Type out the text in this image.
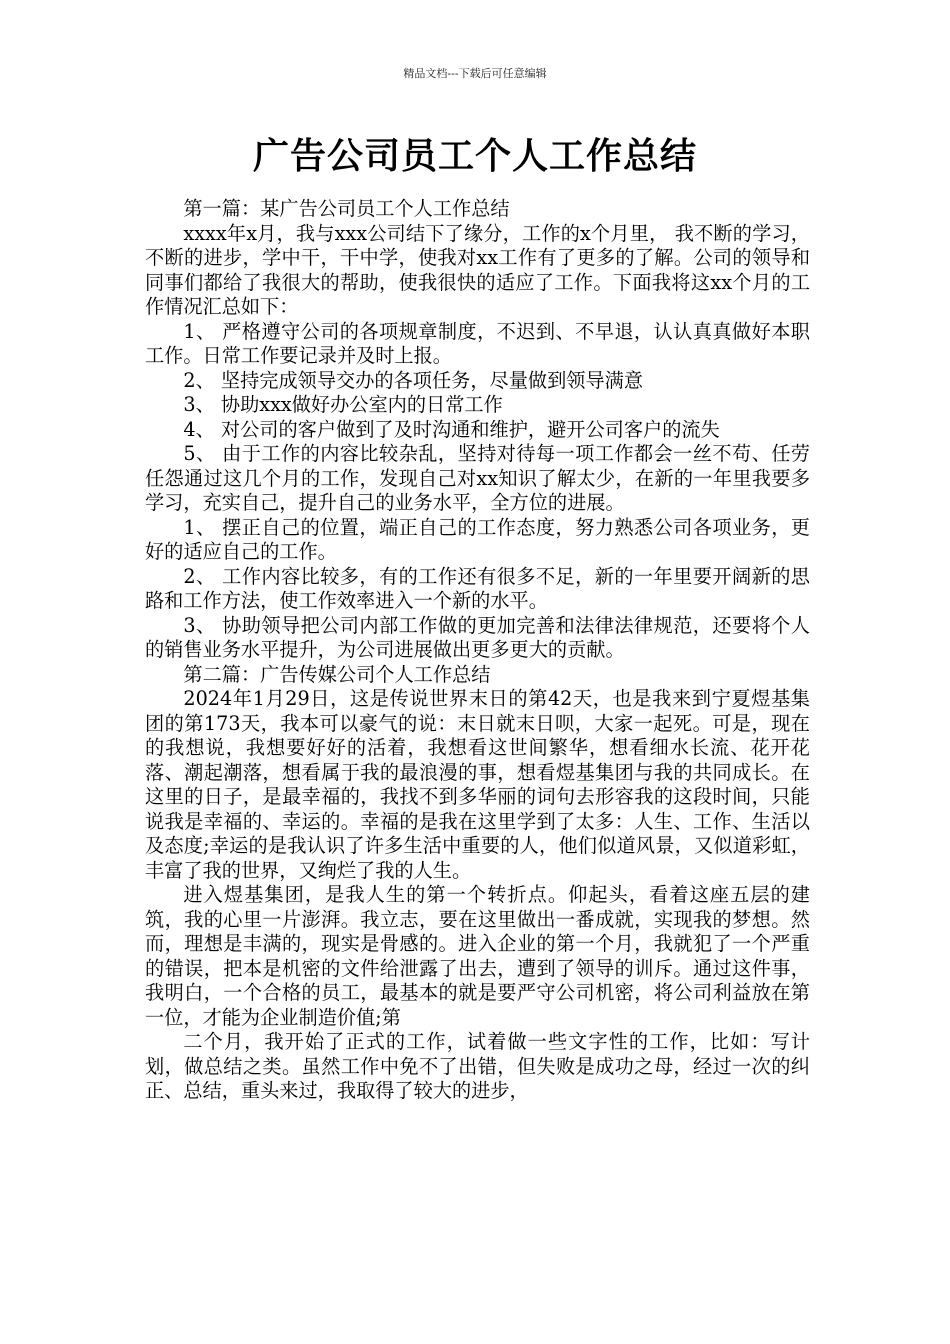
精品文档---下载后可任意编辑
广告公司员工个人工作总结

第一篇：某广告公司员工个人工作总结

xxxx年x月，我与xxx公司结下了缘分，工作的x个月里， 我不断的学习，不断的进步，学中干，干中学，使我对xx工作有了更多的了解。公司的领导和同事们都给了我很大的帮助，使我很快的适应了工作。下面我将这xx个月的工作情况汇总如下：

1、 严格遵守公司的各项规章制度，不迟到、不早退，认认真真做好本职工作。日常工作要记录并及时上报。

2、 坚持完成领导交办的各项任务，尽量做到领导满意

3、 协助xxx做好办公室内的日常工作

4、 对公司的客户做到了及时沟通和维护，避开公司客户的流失

5、 由于工作的内容比较杂乱，坚持对待每一项工作都会一丝不苟、任劳任怨通过这几个月的工作，发现自己对xx知识了解太少，在新的一年里我要多学习，充实自己，提升自己的业务水平，全方位的进展。

1、 摆正自己的位置，端正自己的工作态度，努力熟悉公司各项业务，更好的适应自己的工作。

2、 工作内容比较多，有的工作还有很多不足，新的一年里要开阔新的思路和工作方法，使工作效率进入一个新的水平。

3、 协助领导把公司内部工作做的更加完善和法律法律规范，还要将个人的销售业务水平提升，为公司进展做出更多更大的贡献。

第二篇：广告传媒公司个人工作总结

2024年1月29日，这是传说世界末日的第42天，也是我来到宁夏煜基集团的第173天，我本可以豪气的说：末日就末日呗，大家一起死。可是，现在的我想说，我想要好好的活着，我想看这世间繁华，想看细水长流、花开花落、潮起潮落，想看属于我的最浪漫的事，想看煜基集团与我的共同成长。在这里的日子，是最幸福的，我找不到多华丽的词句去形容我的这段时间，只能说我是幸福的、幸运的。幸福的是我在这里学到了太多：人生、工作、生活以及态度;幸运的是我认识了许多生活中重要的人，他们似道风景，又似道彩虹，丰富了我的世界，又绚烂了我的人生。

进入煜基集团，是我人生的第一个转折点。仰起头，看着这座五层的建筑，我的心里一片澎湃。我立志，要在这里做出一番成就，实现我的梦想。然而，理想是丰满的，现实是骨感的。进入企业的第一个月，我就犯了一个严重的错误，把本是机密的文件给泄露了出去，遭到了领导的训斥。通过这件事，我明白，一个合格的员工，最基本的就是要严守公司机密，将公司利益放在第一位，才能为企业制造价值;第

二个月，我开始了正式的工作，试着做一些文字性的工作，比如：写计划，做总结之类。虽然工作中免不了出错，但失败是成功之母，经过一次的纠正、总结，重头来过，我取得了较大的进步，
